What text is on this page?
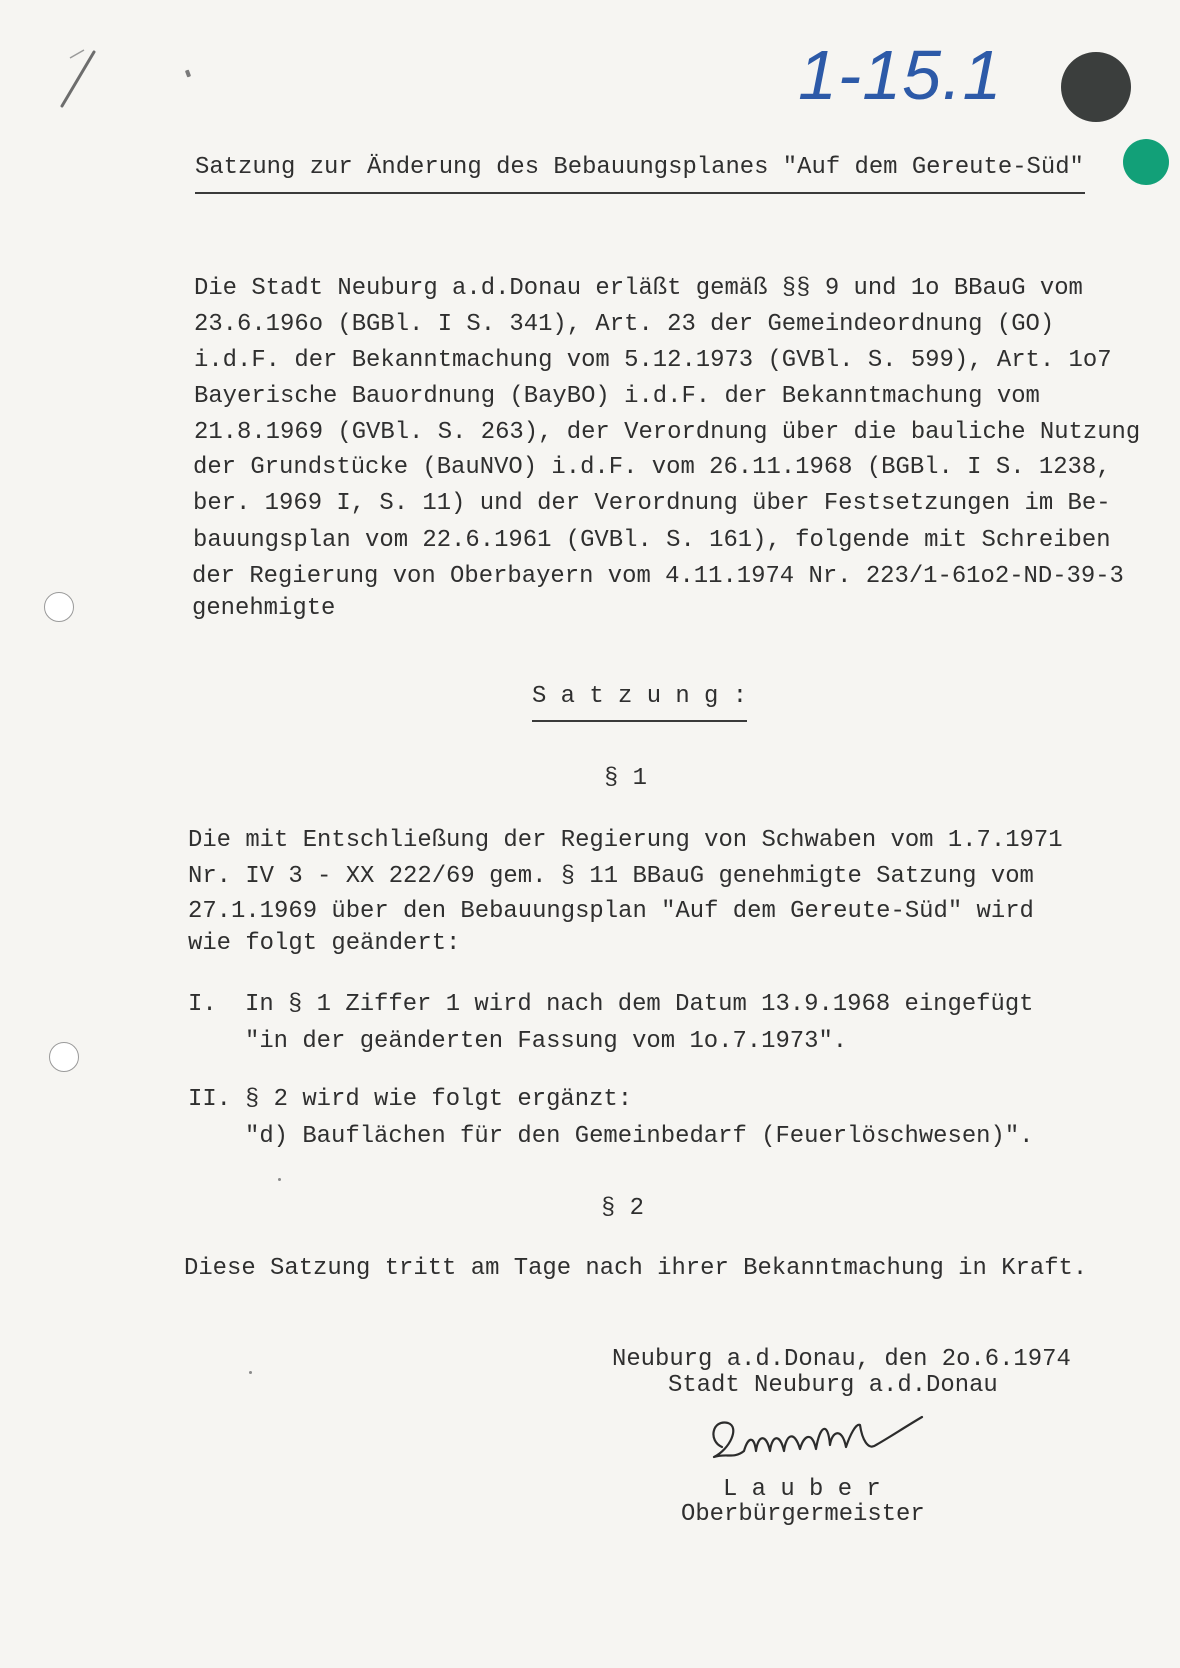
1-15.1
Satzung zur Änderung des Bebauungsplanes "Auf dem Gereute-Süd"
Die Stadt Neuburg a.d.Donau erläßt gemäß §§ 9 und 1o BBauG vom
23.6.196o (BGBl. I S. 341), Art. 23 der Gemeindeordnung (GO)
i.d.F. der Bekanntmachung vom 5.12.1973 (GVBl. S. 599), Art. 1o7
Bayerische Bauordnung (BayBO) i.d.F. der Bekanntmachung vom
21.8.1969 (GVBl. S. 263), der Verordnung über die bauliche Nutzung
der Grundstücke (BauNVO) i.d.F. vom 26.11.1968 (BGBl. I S. 1238,
ber. 1969 I, S. 11) und der Verordnung über Festsetzungen im Be-
bauungsplan vom 22.6.1961 (GVBl. S. 161), folgende mit Schreiben
der Regierung von Oberbayern vom 4.11.1974 Nr. 223/1-61o2-ND-39-3
genehmigte
S a t z u n g :
§ 1
Die mit Entschließung der Regierung von Schwaben vom 1.7.1971
Nr. IV 3 - XX 222/69 gem. § 11 BBauG genehmigte Satzung vom
27.1.1969 über den Bebauungsplan "Auf dem Gereute-Süd" wird
wie folgt geändert:
I. In § 1 Ziffer 1 wird nach dem Datum 13.9.1968 eingefügt
"in der geänderten Fassung vom 1o.7.1973".
II. § 2 wird wie folgt ergänzt:
"d) Bauflächen für den Gemeinbedarf (Feuerlöschwesen)".
§ 2
Diese Satzung tritt am Tage nach ihrer Bekanntmachung in Kraft.
Neuburg a.d.Donau, den 2o.6.1974
Stadt Neuburg a.d.Donau
L a u b e r
Oberbürgermeister
